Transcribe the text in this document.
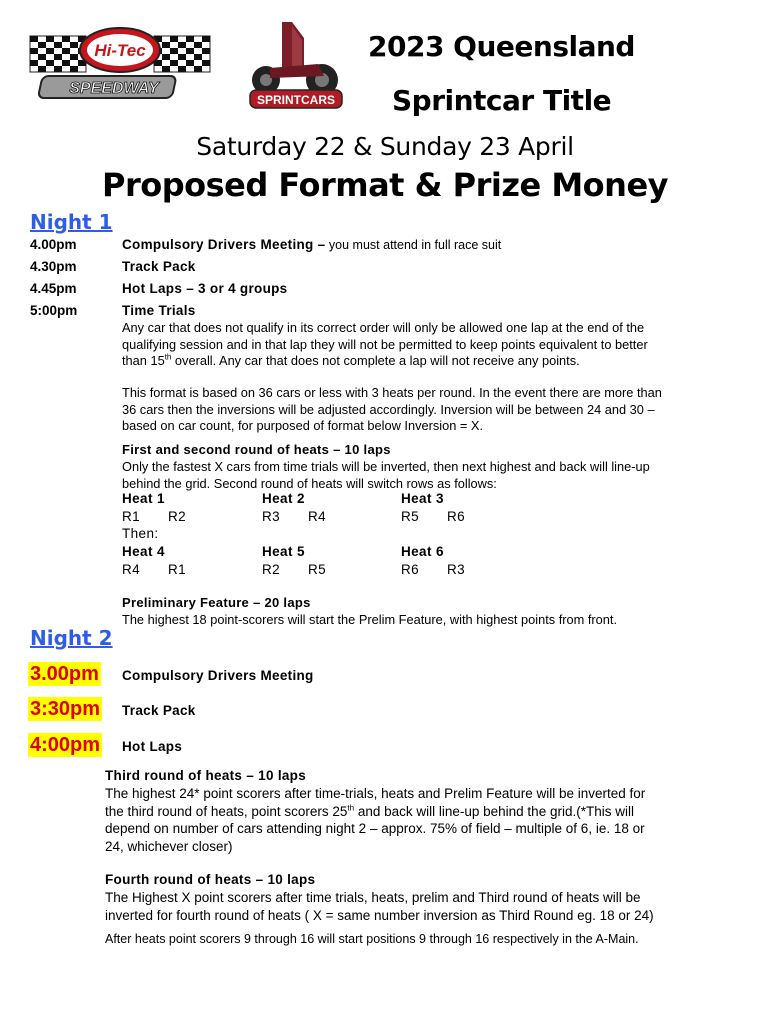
Hi-Tec
SPEEDWAY
SPRINTCARS
2023 Queensland
Sprintcar Title
Saturday 22 & Sunday 23 April
Proposed Format & Prize Money
Night 1
4.00pm	Compulsory Drivers Meeting – you must attend in full race suit
4.30pm	Track Pack
4.45pm	Hot Laps – 3 or 4 groups
5:00pm	Time Trials
Any car that does not qualify in its correct order will only be allowed one lap at the end of the
qualifying session and in that lap they will not be permitted to keep points equivalent to better
than 15th overall. Any car that does not complete a lap will not receive any points.
This format is based on 36 cars or less with 3 heats per round. In the event there are more than
36 cars then the inversions will be adjusted accordingly. Inversion will be between 24 and 30 –
based on car count, for purposed of format below Inversion = X.
First and second round of heats – 10 laps
Only the fastest X cars from time trials will be inverted, then next highest and back will line-up
behind the grid. Second round of heats will switch rows as follows:
Heat 1	Heat 2	Heat 3
R1 R2	R3 R4	R5 R6
Then:
Heat 4	Heat 5	Heat 6
R4 R1	R2 R5	R6 R3
Preliminary Feature – 20 laps
The highest 18 point-scorers will start the Prelim Feature, with highest points from front.
Night 2
3.00pm Compulsory Drivers Meeting
3:30pm Track Pack
4:00pm Hot Laps
Third round of heats – 10 laps
The highest 24* point scorers after time-trials, heats and Prelim Feature will be inverted for
the third round of heats, point scorers 25th and back will line-up behind the grid.(*This will
depend on number of cars attending night 2 – approx. 75% of field – multiple of 6, ie. 18 or
24, whichever closer)
Fourth round of heats – 10 laps
The Highest X point scorers after time trials, heats, prelim and Third round of heats will be
inverted for fourth round of heats ( X = same number inversion as Third Round eg. 18 or 24)
After heats point scorers 9 through 16 will start positions 9 through 16 respectively in the A-Main.
